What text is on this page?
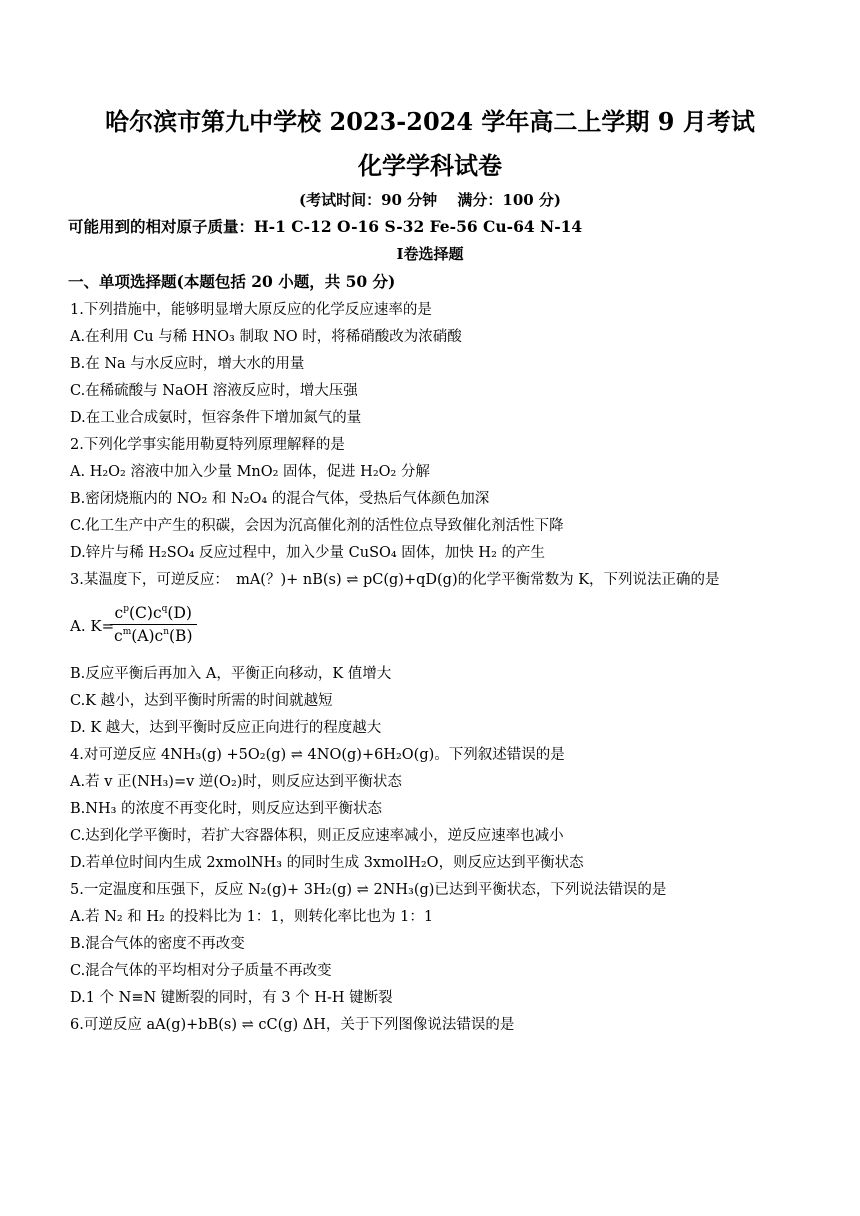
哈尔滨市第九中学校 2023-2024 学年高二上学期 9 月考试
化学学科试卷
(考试时间：90 分钟　 满分：100 分)
可能用到的相对原子质量：H-1 C-12 O-16 S-32 Fe-56 Cu-64 N-14
Ⅰ卷选择题
一、单项选择题(本题包括 20 小题，共 50 分)
1.下列措施中，能够明显增大原反应的化学反应速率的是
A.在利用 Cu 与稀 HNO₃ 制取 NO 时，将稀硝酸改为浓硝酸
B.在 Na 与水反应时，增大水的用量
C.在稀硫酸与 NaOH 溶液反应时，增大压强
D.在工业合成氨时，恒容条件下增加氮气的量
2.下列化学事实能用勒夏特列原理解释的是
A. H₂O₂ 溶液中加入少量 MnO₂ 固体，促进 H₂O₂ 分解
B.密闭烧瓶内的 NO₂ 和 N₂O₄ 的混合气体，受热后气体颜色加深
C.化工生产中产生的积碳，会因为沉高催化剂的活性位点导致催化剂活性下降
D.锌片与稀 H₂SO₄ 反应过程中，加入少量 CuSO₄ 固体，加快 H₂ 的产生
3.某温度下，可逆反应：　mA(？)+ nB(s) ⇌ pC(g)+qD(g)的化学平衡常数为 K，下列说法正确的是
A. K=
$\frac{c^p(C)c^q(D)}{c^m(A)c^n(B)}$
B.反应平衡后再加入 A，平衡正向移动，K 值增大
C.K 越小，达到平衡时所需的时间就越短
D. K 越大，达到平衡时反应正向进行的程度越大
4.对可逆反应 4NH₃(g) +5O₂(g) ⇌ 4NO(g)+6H₂O(g)。下列叙述错误的是
A.若 v 正(NH₃)=v 逆(O₂)时，则反应达到平衡状态
B.NH₃ 的浓度不再变化时，则反应达到平衡状态
C.达到化学平衡时，若扩大容器体积，则正反应速率减小，逆反应速率也减小
D.若单位时间内生成 2xmolNH₃ 的同时生成 3xmolH₂O，则反应达到平衡状态
5.一定温度和压强下，反应 N₂(g)+ 3H₂(g) ⇌ 2NH₃(g)已达到平衡状态，下列说法错误的是
A.若 N₂ 和 H₂ 的投料比为 1：1，则转化率比也为 1：1
B.混合气体的密度不再改变
C.混合气体的平均相对分子质量不再改变
D.1 个 N≡N 键断裂的同时，有 3 个 H-H 键断裂
6.可逆反应 aA(g)+bB(s) ⇌ cC(g) ΔH，关于下列图像说法错误的是
